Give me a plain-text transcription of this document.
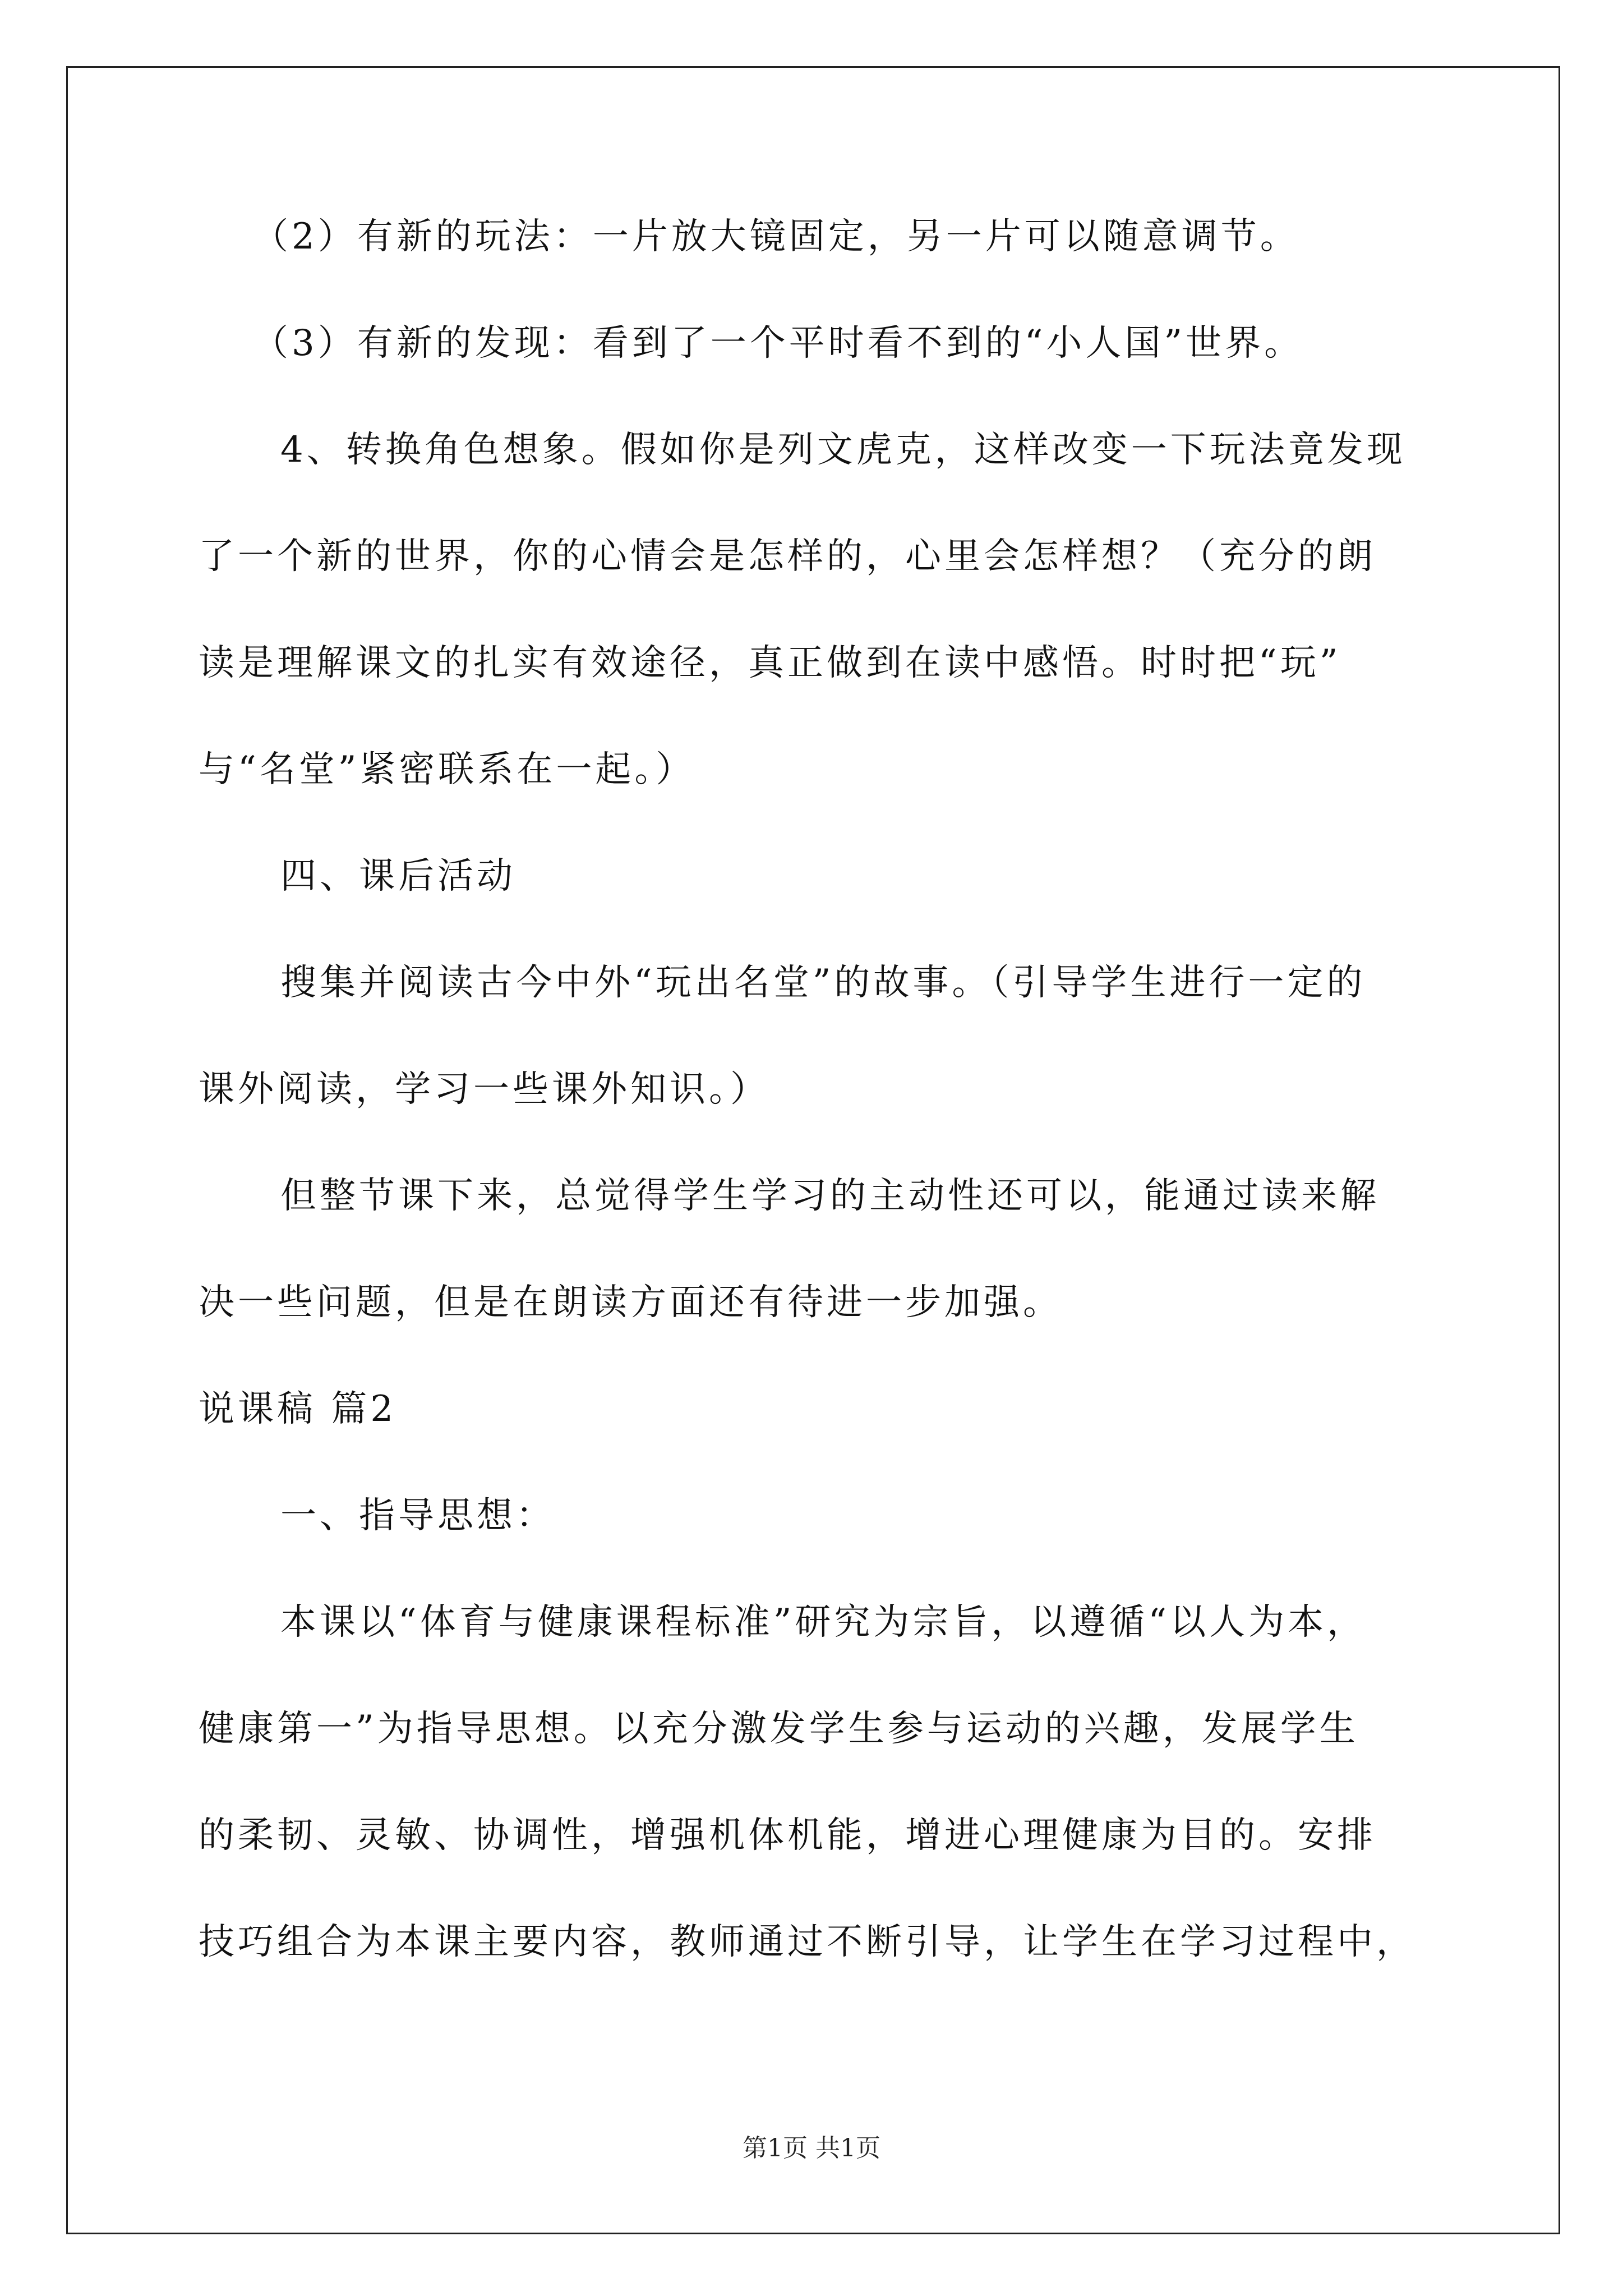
（2）有新的玩法：一片放大镜固定，另一片可以随意调节。
（3）有新的发现：看到了一个平时看不到的“小人国”世界。
4、转换角色想象。假如你是列文虎克，这样改变一下玩法竟发现
了一个新的世界，你的心情会是怎样的，心里会怎样想？（充分的朗
读是理解课文的扎实有效途径，真正做到在读中感悟。时时把“玩”
与“名堂”紧密联系在一起。）
四、课后活动
搜集并阅读古今中外“玩出名堂”的故事。（引导学生进行一定的
课外阅读，学习一些课外知识。）
但整节课下来，总觉得学生学习的主动性还可以，能通过读来解
决一些问题，但是在朗读方面还有待进一步加强。
说课稿 篇2
一、指导思想：
本课以“体育与健康课程标准”研究为宗旨，以遵循“以人为本，
健康第一”为指导思想。以充分激发学生参与运动的兴趣，发展学生
的柔韧、灵敏、协调性，增强机体机能，增进心理健康为目的。安排
技巧组合为本课主要内容，教师通过不断引导，让学生在学习过程中，
第1页 共1页
